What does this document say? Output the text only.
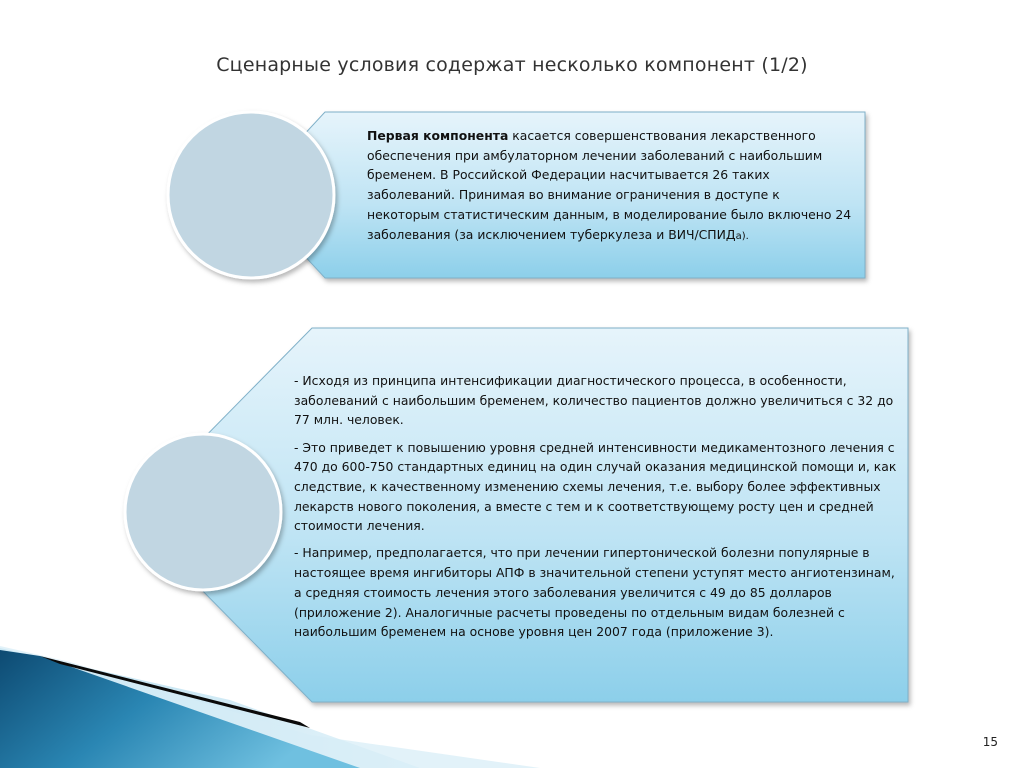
Сценарные условия содержат несколько компонент (1/2)
Первая компонента касается совершенствования лекарственного обеспечения при амбулаторном лечении заболеваний с наибольшим бременем. В Российской Федерации насчитывается 26 таких заболеваний. Принимая во внимание ограничения в доступе к некоторым статистическим данным, в моделирование было включено 24 заболевания (за исключением туберкулеза и ВИЧ/СПИДа).

- Исходя из принципа интенсификации диагностического процесса, в особенности, заболеваний с наибольшим бременем, количество пациентов должно увеличиться с 32 до 77 млн. человек.

- Это приведет к повышению уровня средней интенсивности медикаментозного лечения с 470 до 600-750 стандартных единиц на один случай оказания медицинской помощи и, как следствие, к качественному изменению схемы лечения, т.е. выбору более эффективных лекарств нового поколения, а вместе с тем и к соответствующему росту цен и средней стоимости лечения.

- Например, предполагается, что при лечении гипертонической болезни популярные в настоящее время ингибиторы АПФ в значительной степени уступят место ангиотензинам, а средняя стоимость лечения этого заболевания увеличится с 49 до 85 долларов (приложение 2). Аналогичные расчеты проведены по отдельным видам болезней с наибольшим бременем на основе уровня цен 2007 года (приложение 3).

15
